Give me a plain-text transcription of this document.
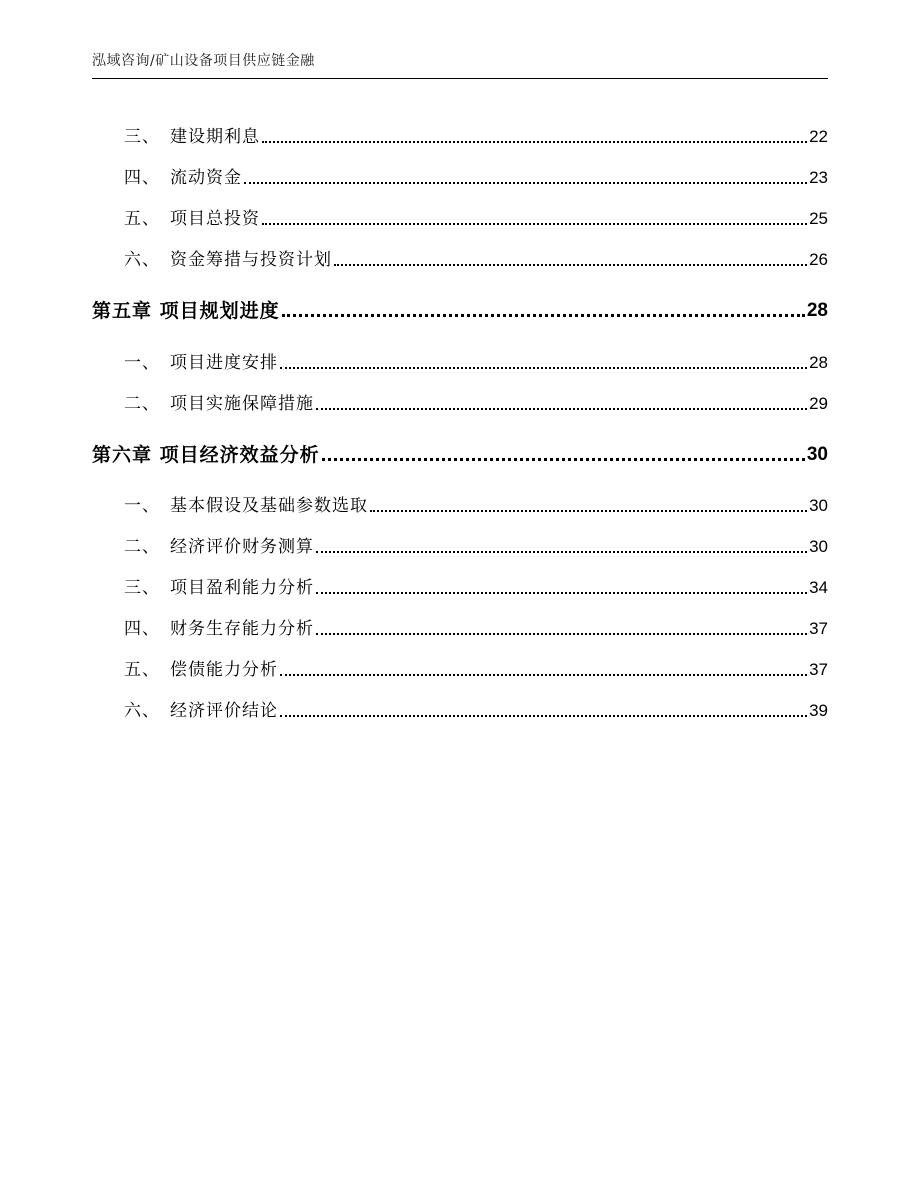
泓域咨询/矿山设备项目供应链金融
三、 建设期利息	22
四、 流动资金	23
五、 项目总投资	25
六、 资金筹措与投资计划	26
第五章 项目规划进度	28
一、 项目进度安排	28
二、 项目实施保障措施	29
第六章 项目经济效益分析	30
一、 基本假设及基础参数选取	30
二、 经济评价财务测算	30
三、 项目盈利能力分析	34
四、 财务生存能力分析	37
五、 偿债能力分析	37
六、 经济评价结论	39
